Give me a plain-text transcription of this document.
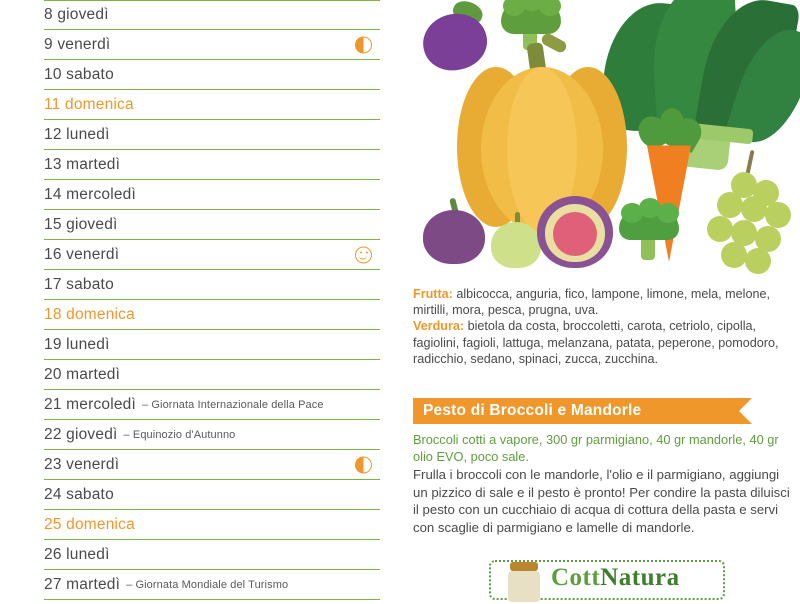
8 giovedì
9 venerdì
10 sabato
11 domenica
12 lunedì
13 martedì
14 mercoledì
15 giovedì
16 venerdì
17 sabato
18 domenica
19 lunedì
20 martedì
21 mercoledì	– Giornata Internazionale della Pace
22 giovedì	– Equinozio d'Autunno
23 venerdì
24 sabato
25 domenica
26 lunedì
27 martedì	– Giornata Mondiale del Turismo
Frutta: albicocca, anguria, fico, lampone, limone, mela, melone, mirtilli, mora, pesca, prugna, uva.
Verdura: bietola da costa, broccoletti, carota, cetriolo, cipolla, fagiolini, fagioli, lattuga, melanzana, patata, peperone, pomodoro, radicchio, sedano, spinaci, zucca, zucchina.
Pesto di Broccoli e Mandorle
Broccoli cotti a vapore, 300 gr parmigiano, 40 gr mandorle, 40 gr olio EVO, poco sale.
Frulla i broccoli con le mandorle, l'olio e il parmigiano, aggiungi un pizzico di sale e il pesto è pronto! Per condire la pasta diluisci il pesto con un cucchiaio di acqua di cottura della pasta e servi con scaglie di parmigiano e lamelle di mandorle.
CottNatura
